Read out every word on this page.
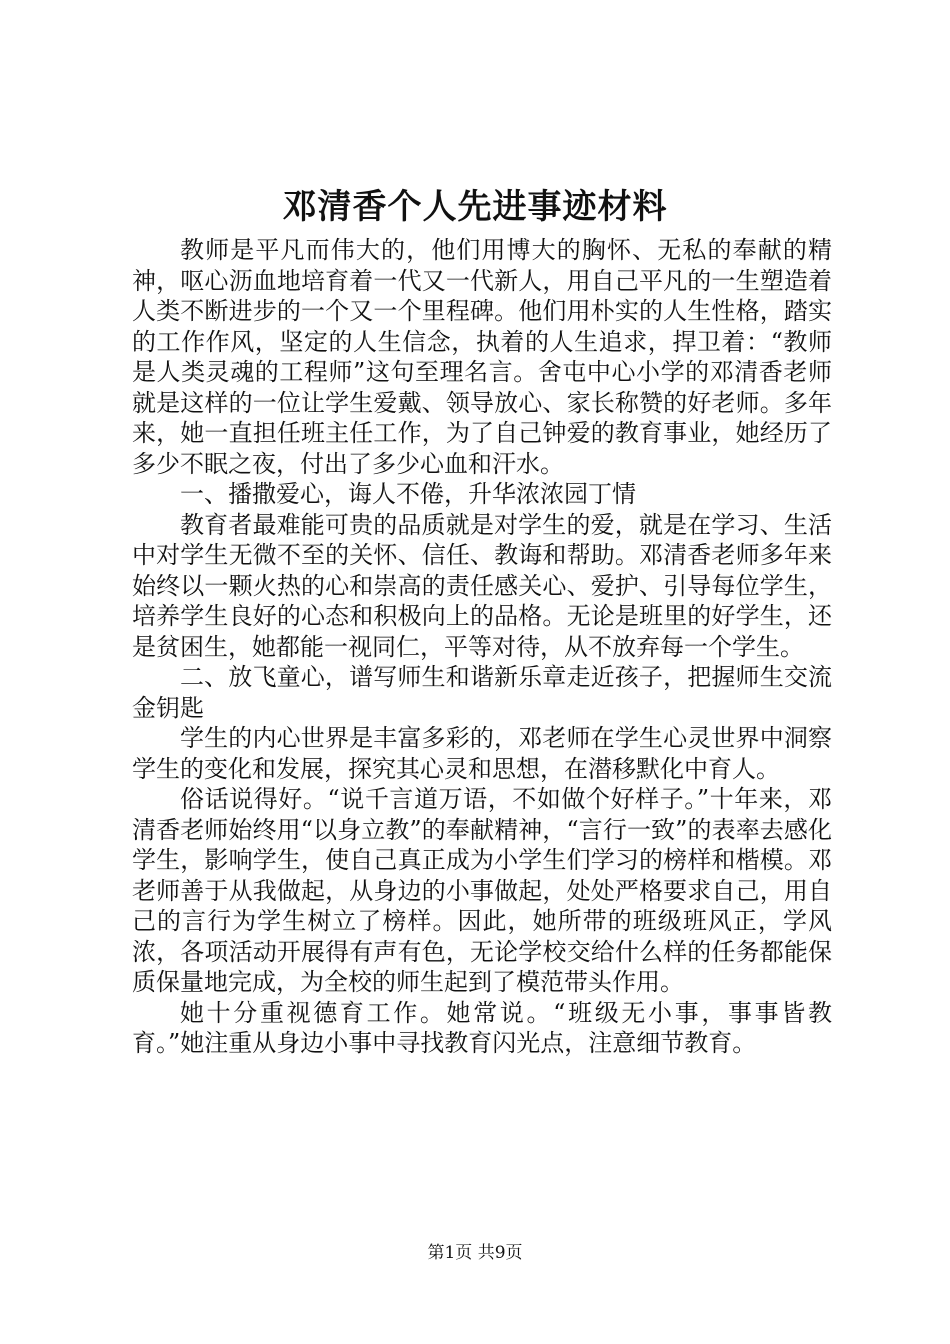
邓清香个人先进事迹材料

教师是平凡而伟大的，他们用博大的胸怀、无私的奉献的精神，呕心沥血地培育着一代又一代新人，用自己平凡的一生塑造着人类不断进步的一个又一个里程碑。他们用朴实的人生性格，踏实的工作作风，坚定的人生信念，执着的人生追求，捍卫着：“教师是人类灵魂的工程师”这句至理名言。舍屯中心小学的邓清香老师就是这样的一位让学生爱戴、领导放心、家长称赞的好老师。多年来，她一直担任班主任工作，为了自己钟爱的教育事业，她经历了多少不眠之夜，付出了多少心血和汗水。

一、播撒爱心，诲人不倦，升华浓浓园丁情

教育者最难能可贵的品质就是对学生的爱，就是在学习、生活中对学生无微不至的关怀、信任、教诲和帮助。邓清香老师多年来始终以一颗火热的心和崇高的责任感关心、爱护、引导每位学生，培养学生良好的心态和积极向上的品格。无论是班里的好学生，还是贫困生，她都能一视同仁，平等对待，从不放弃每一个学生。

二、放飞童心，谱写师生和谐新乐章走近孩子，把握师生交流金钥匙

学生的内心世界是丰富多彩的，邓老师在学生心灵世界中洞察学生的变化和发展，探究其心灵和思想，在潜移默化中育人。

俗话说得好。“说千言道万语，不如做个好样子。”十年来，邓清香老师始终用“以身立教”的奉献精神，“言行一致”的表率去感化学生，影响学生，使自己真正成为小学生们学习的榜样和楷模。邓老师善于从我做起，从身边的小事做起，处处严格要求自己，用自己的言行为学生树立了榜样。因此，她所带的班级班风正，学风浓，各项活动开展得有声有色，无论学校交给什么样的任务都能保质保量地完成，为全校的师生起到了模范带头作用。

她十分重视德育工作。她常说。“班级无小事，事事皆教育。”她注重从身边小事中寻找教育闪光点，注意细节教育。

第1页 共9页
